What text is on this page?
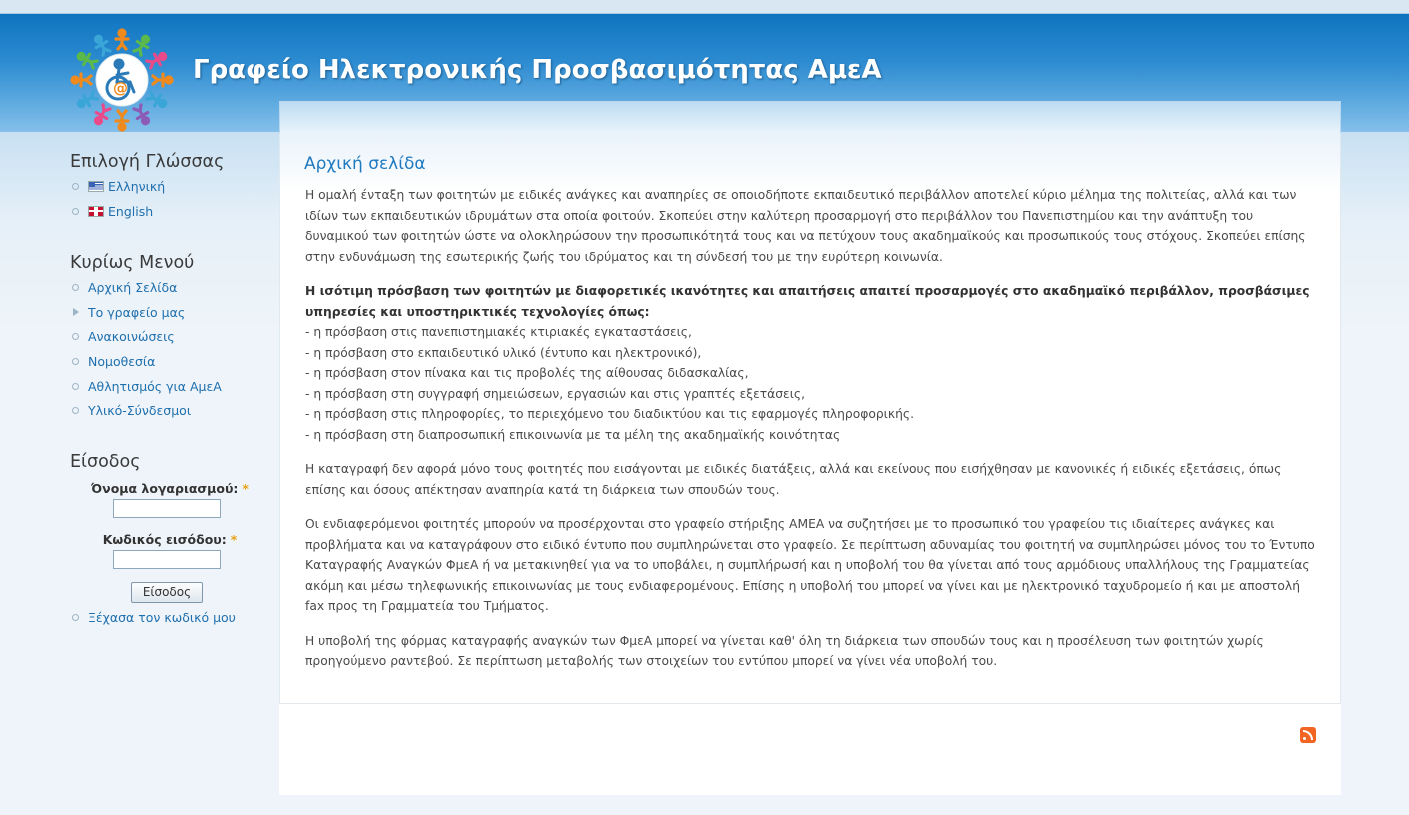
@
Γραφείο Ηλεκτρονικής Προσβασιμότητας ΑμεΑ
Αρχική σελίδα

Η ομαλή ένταξη των φοιτητών με ειδικές ανάγκες και αναπηρίες σε οποιοδήποτε εκπαιδευτικό περιβάλλον αποτελεί κύριο μέλημα της πολιτείας, αλλά και των ιδίων των εκπαιδευτικών ιδρυμάτων στα οποία φοιτούν. Σκοπεύει στην καλύτερη προσαρμογή στο περιβάλλον του Πανεπιστημίου και την ανάπτυξη του δυναμικού των φοιτητών ώστε να ολοκληρώσουν την προσωπικότητά τους και να πετύχουν τους ακαδημαϊκούς και προσωπικούς τους στόχους. Σκοπεύει επίσης στην ενδυνάμωση της εσωτερικής ζωής του ιδρύματος και τη σύνδεσή του με την ευρύτερη κοινωνία.

Η ισότιμη πρόσβαση των φοιτητών με διαφορετικές ικανότητες και απαιτήσεις απαιτεί προσαρμογές στο ακαδημαϊκό περιβάλλον, προσβάσιμες υπηρεσίες και υποστηρικτικές τεχνολογίες όπως:
- η πρόσβαση στις πανεπιστημιακές κτιριακές εγκαταστάσεις,
- η πρόσβαση στο εκπαιδευτικό υλικό (έντυπο και ηλεκτρονικό),
- η πρόσβαση στον πίνακα και τις προβολές της αίθουσας διδασκαλίας,
- η πρόσβαση στη συγγραφή σημειώσεων, εργασιών και στις γραπτές εξετάσεις,
- η πρόσβαση στις πληροφορίες, το περιεχόμενο του διαδικτύου και τις εφαρμογές πληροφορικής.
- η πρόσβαση στη διαπροσωπική επικοινωνία με τα μέλη της ακαδημαϊκής κοινότητας

Η καταγραφή δεν αφορά μόνο τους φοιτητές που εισάγονται με ειδικές διατάξεις, αλλά και εκείνους που εισήχθησαν με κανονικές ή ειδικές εξετάσεις, όπως επίσης και όσους απέκτησαν αναπηρία κατά τη διάρκεια των σπουδών τους.

Οι ενδιαφερόμενοι φοιτητές μπορούν να προσέρχονται στο γραφείο στήριξης ΑΜΕΑ να συζητήσει με το προσωπικό του γραφείου τις ιδιαίτερες ανάγκες και προβλήματα και να καταγράφουν στο ειδικό έντυπο που συμπληρώνεται στο γραφείο. Σε περίπτωση αδυναμίας του φοιτητή να συμπληρώσει μόνος του το Έντυπο Καταγραφής Αναγκών ΦμεΑ ή να μετακινηθεί για να το υποβάλει, η συμπλήρωσή και η υποβολή του θα γίνεται από τους αρμόδιους υπαλλήλους της Γραμματείας ακόμη και μέσω τηλεφωνικής επικοινωνίας με τους ενδιαφερομένους. Επίσης η υποβολή του μπορεί να γίνει και με ηλεκτρονικό ταχυδρομείο ή και με αποστολή fax προς τη Γραμματεία του Τμήματος.

Η υποβολή της φόρμας καταγραφής αναγκών των ΦμεΑ μπορεί να γίνεται καθ' όλη τη διάρκεια των σπουδών τους και η προσέλευση των φοιτητών χωρίς προηγούμενο ραντεβού. Σε περίπτωση μεταβολής των στοιχείων του εντύπου μπορεί να γίνει νέα υποβολή του.

Επιλογή Γλώσσας
Ελληνική
English
Κυρίως Μενού
Αρχική Σελίδα
Το γραφείο μας
Ανακοινώσεις
Νομοθεσία
Αθλητισμός για ΑμεΑ
Υλικό-Σύνδεσμοι
Είσοδος
Όνομα λογαριασμού: *
Κωδικός εισόδου: *
Είσοδος
Ξέχασα τον κωδικό μου
